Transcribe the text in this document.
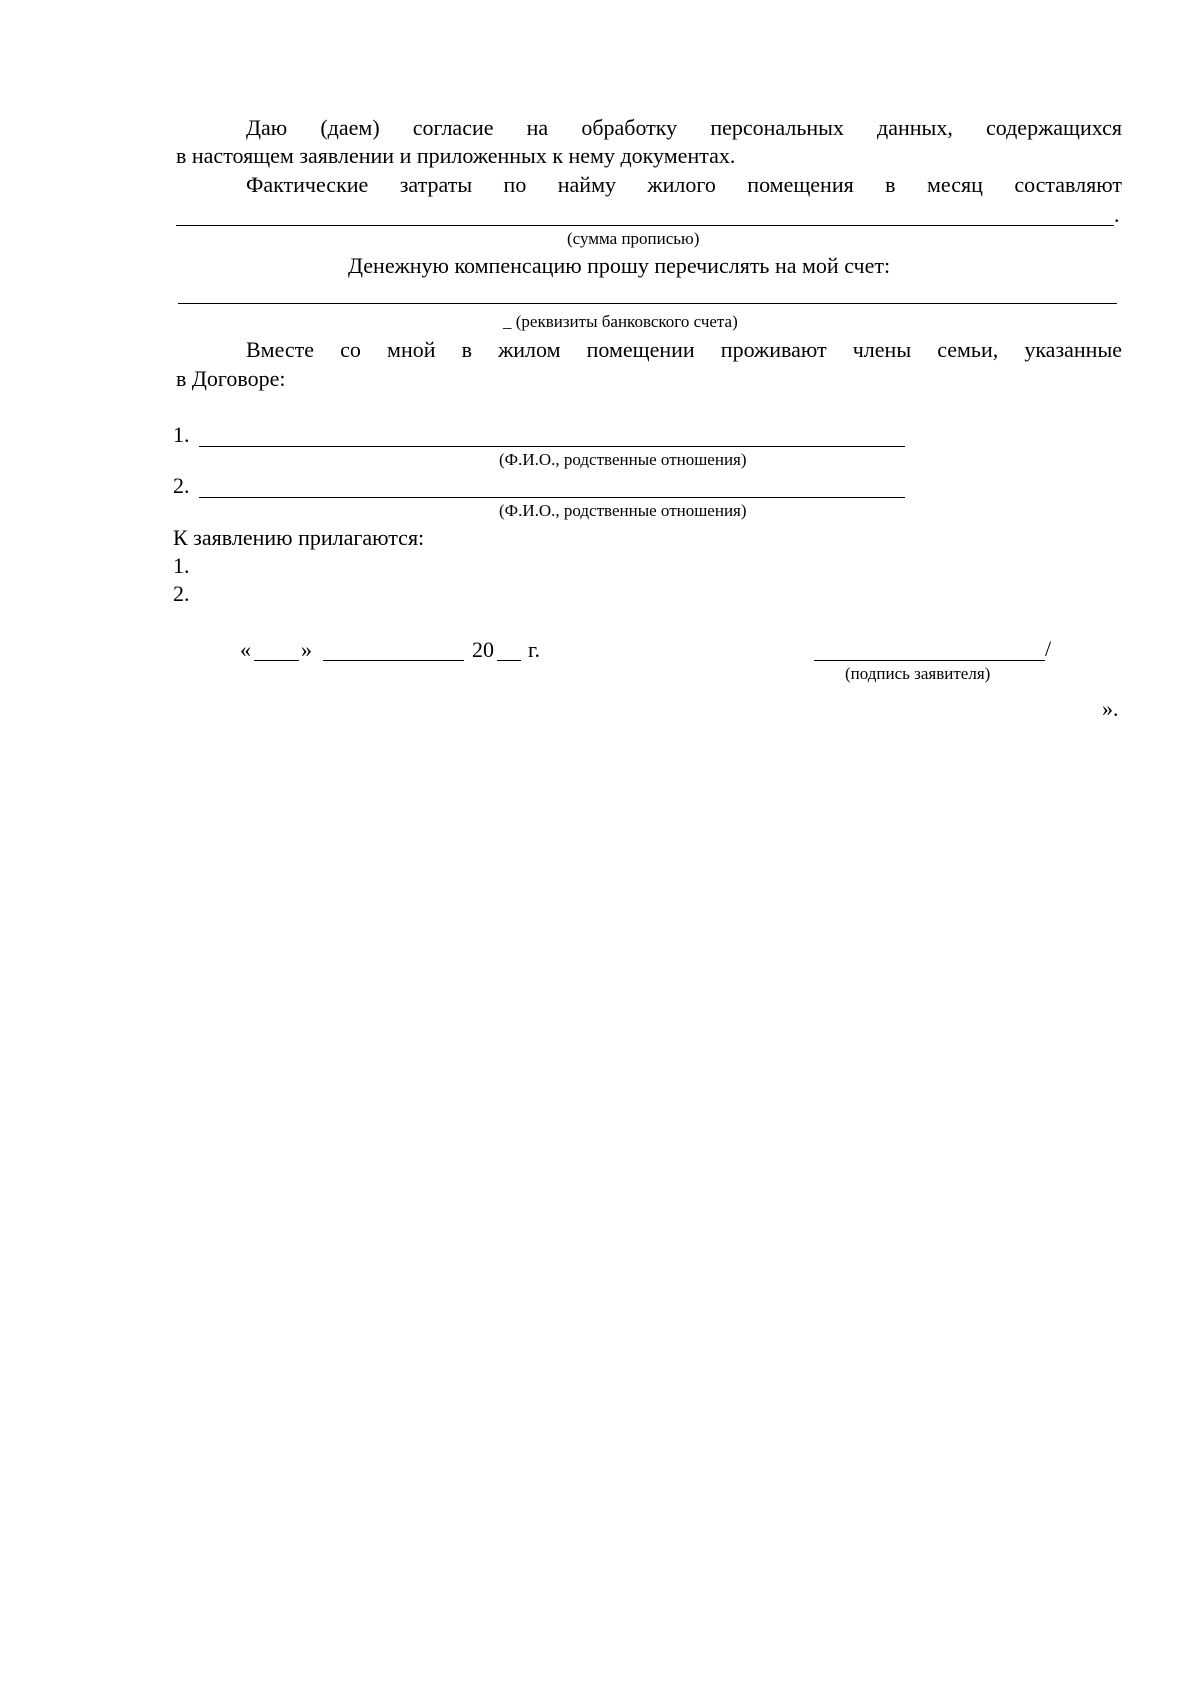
Даю (даем) согласие на обработку персональных данных, содержащихся
в настоящем заявлении и приложенных к нему документах.
Фактические затраты по найму жилого помещения в месяц составляют
.
(сумма прописью)
Денежную компенсацию прошу перечислять на мой счет:
_ (реквизиты банковского счета)
Вместе со мной в жилом помещении проживают члены семьи, указанные
в Договоре:
1.
(Ф.И.О., родственные отношения)
2.
(Ф.И.О., родственные отношения)
К заявлению прилагаются:
1.
2.
« »	20 г.	/
(подпись заявителя)
».
